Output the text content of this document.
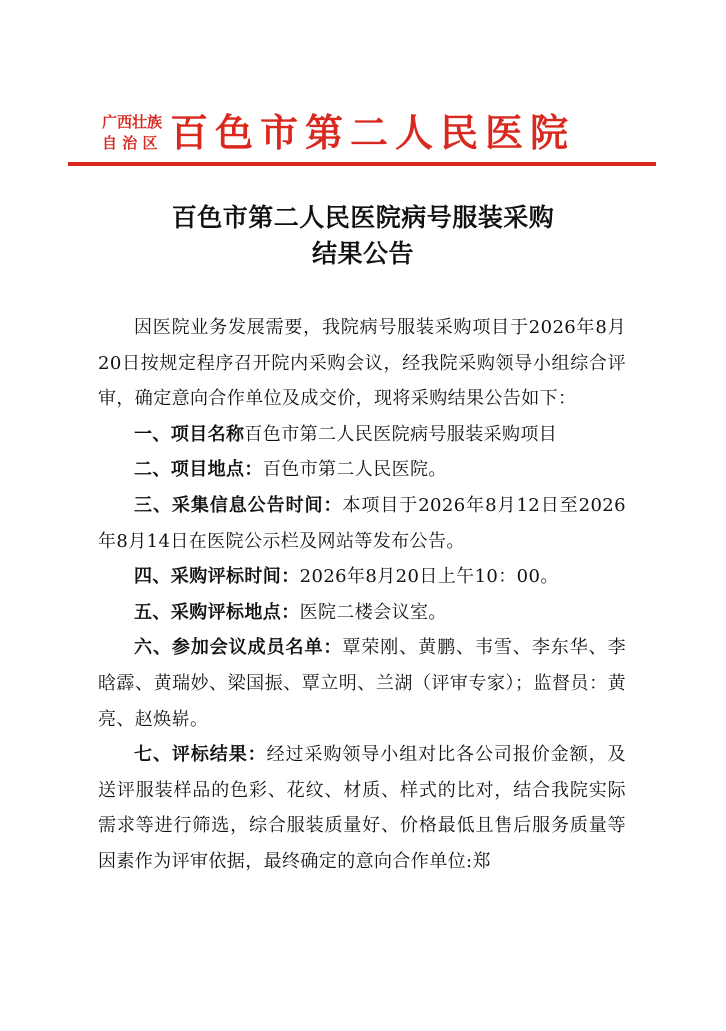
广西壮族
自 治 区 百色市第二人民医院
百色市第二人民医院病号服装采购
结果公告

因医院业务发展需要，我院病号服装采购项目于2026年8月20日按规定程序召开院内采购会议，经我院采购领导小组综合评审，确定意向合作单位及成交价，现将采购结果公告如下：

一、项目名称百色市第二人民医院病号服装采购项目

二、项目地点：百色市第二人民医院。

三、采集信息公告时间：本项目于2026年8月12日至2026年8月14日在医院公示栏及网站等发布公告。

四、采购评标时间：2026年8月20日上午10：00。

五、采购评标地点：医院二楼会议室。

六、参加会议成员名单：覃荣刚、黄鹏、韦雪、李东华、李晗霹、黄瑞妙、梁国振、覃立明、兰湖（评审专家）；监督员：黄亮、赵焕崭。

七、评标结果：经过采购领导小组对比各公司报价金额，及送评服装样品的色彩、花纹、材质、样式的比对，结合我院实际需求等进行筛选，综合服装质量好、价格最低且售后服务质量等因素作为评审依据，最终确定的意向合作单位:郑
